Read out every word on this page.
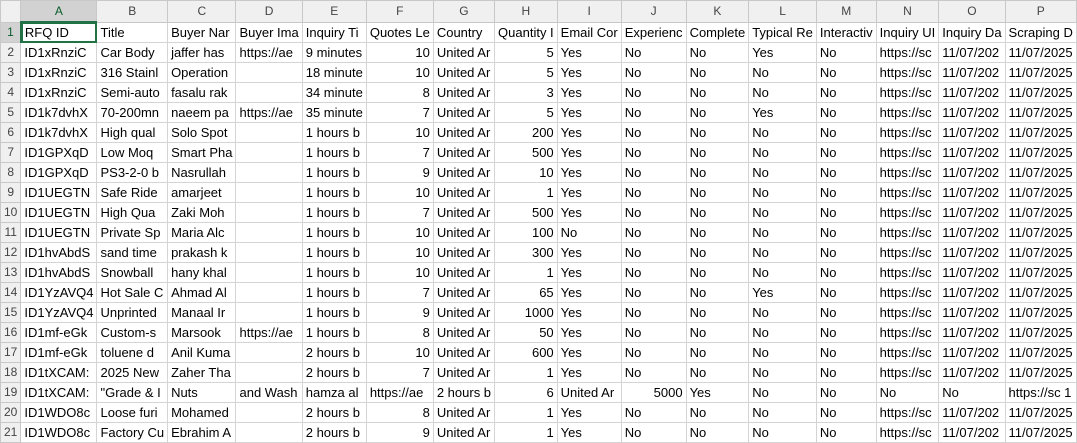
	A	B	C	D	E	F	G	H	I	J	K	L	M	N	O	P
1	RFQ ID	Title	Buyer Nar	Buyer Ima	Inquiry Ti	Quotes Le	Country	Quantity I	Email Cor	Experienc	Complete	Typical Re	Interactiv	Inquiry UI	Inquiry Da	Scraping D
2	ID1xRnziC	Car Body	jaffer has	https://ae	9 minutes	10	United Ar	5	Yes	No	No	Yes	No	https://sc	11/07/202	11/07/2025
3	ID1xRnziC	316 Stainl	Operation		18 minute	10	United Ar	5	Yes	No	No	No	No	https://sc	11/07/202	11/07/2025
4	ID1xRnziC	Semi-auto	fasalu rak		34 minute	8	United Ar	3	Yes	No	No	No	No	https://sc	11/07/202	11/07/2025
5	ID1k7dvhX	70-200mn	naeem pa	https://ae	35 minute	7	United Ar	5	Yes	No	No	Yes	No	https://sc	11/07/202	11/07/2025
6	ID1k7dvhX	High qual	Solo Spot		1 hours b	10	United Ar	200	Yes	No	No	No	No	https://sc	11/07/202	11/07/2025
7	ID1GPXqD	Low Moq	Smart Pha		1 hours b	7	United Ar	500	Yes	No	No	No	No	https://sc	11/07/202	11/07/2025
8	ID1GPXqD	PS3-2-0 b	Nasrullah		1 hours b	9	United Ar	10	Yes	No	No	No	No	https://sc	11/07/202	11/07/2025
9	ID1UEGTN	Safe Ride	amarjeet		1 hours b	10	United Ar	1	Yes	No	No	No	No	https://sc	11/07/202	11/07/2025
10	ID1UEGTN	High Qua	Zaki Moh		1 hours b	7	United Ar	500	Yes	No	No	No	No	https://sc	11/07/202	11/07/2025
11	ID1UEGTN	Private Sp	Maria Alc		1 hours b	10	United Ar	100	No	No	No	No	No	https://sc	11/07/202	11/07/2025
12	ID1hvAbdS	sand time	prakash k		1 hours b	10	United Ar	300	Yes	No	No	No	No	https://sc	11/07/202	11/07/2025
13	ID1hvAbdS	Snowball	hany khal		1 hours b	10	United Ar	1	Yes	No	No	No	No	https://sc	11/07/202	11/07/2025
14	ID1YzAVQ4	Hot Sale C	Ahmad Al		1 hours b	7	United Ar	65	Yes	No	No	Yes	No	https://sc	11/07/202	11/07/2025
15	ID1YzAVQ4	Unprinted	Manaal Ir		1 hours b	9	United Ar	1000	Yes	No	No	No	No	https://sc	11/07/202	11/07/2025
16	ID1mf-eGk	Custom-s	Marsook	https://ae	1 hours b	8	United Ar	50	Yes	No	No	No	No	https://sc	11/07/202	11/07/2025
17	ID1mf-eGk	toluene d	Anil Kuma		2 hours b	10	United Ar	600	Yes	No	No	No	No	https://sc	11/07/202	11/07/2025
18	ID1tXCAM:	2025 New	Zaher Tha		2 hours b	7	United Ar	1	Yes	No	No	No	No	https://sc	11/07/202	11/07/2025
19	ID1tXCAM:	"Grade & I	Nuts	and Wash	hamza al	https://ae	2 hours b	6	United Ar	5000	Yes	No	No	No	No	https://sc 1
20	ID1WDO8c	Loose furi	Mohamed		2 hours b	8	United Ar	1	Yes	No	No	No	No	https://sc	11/07/202	11/07/2025
21	ID1WDO8c	Factory Cu	Ebrahim A		2 hours b	9	United Ar	1	Yes	No	No	No	No	https://sc	11/07/202	11/07/2025
